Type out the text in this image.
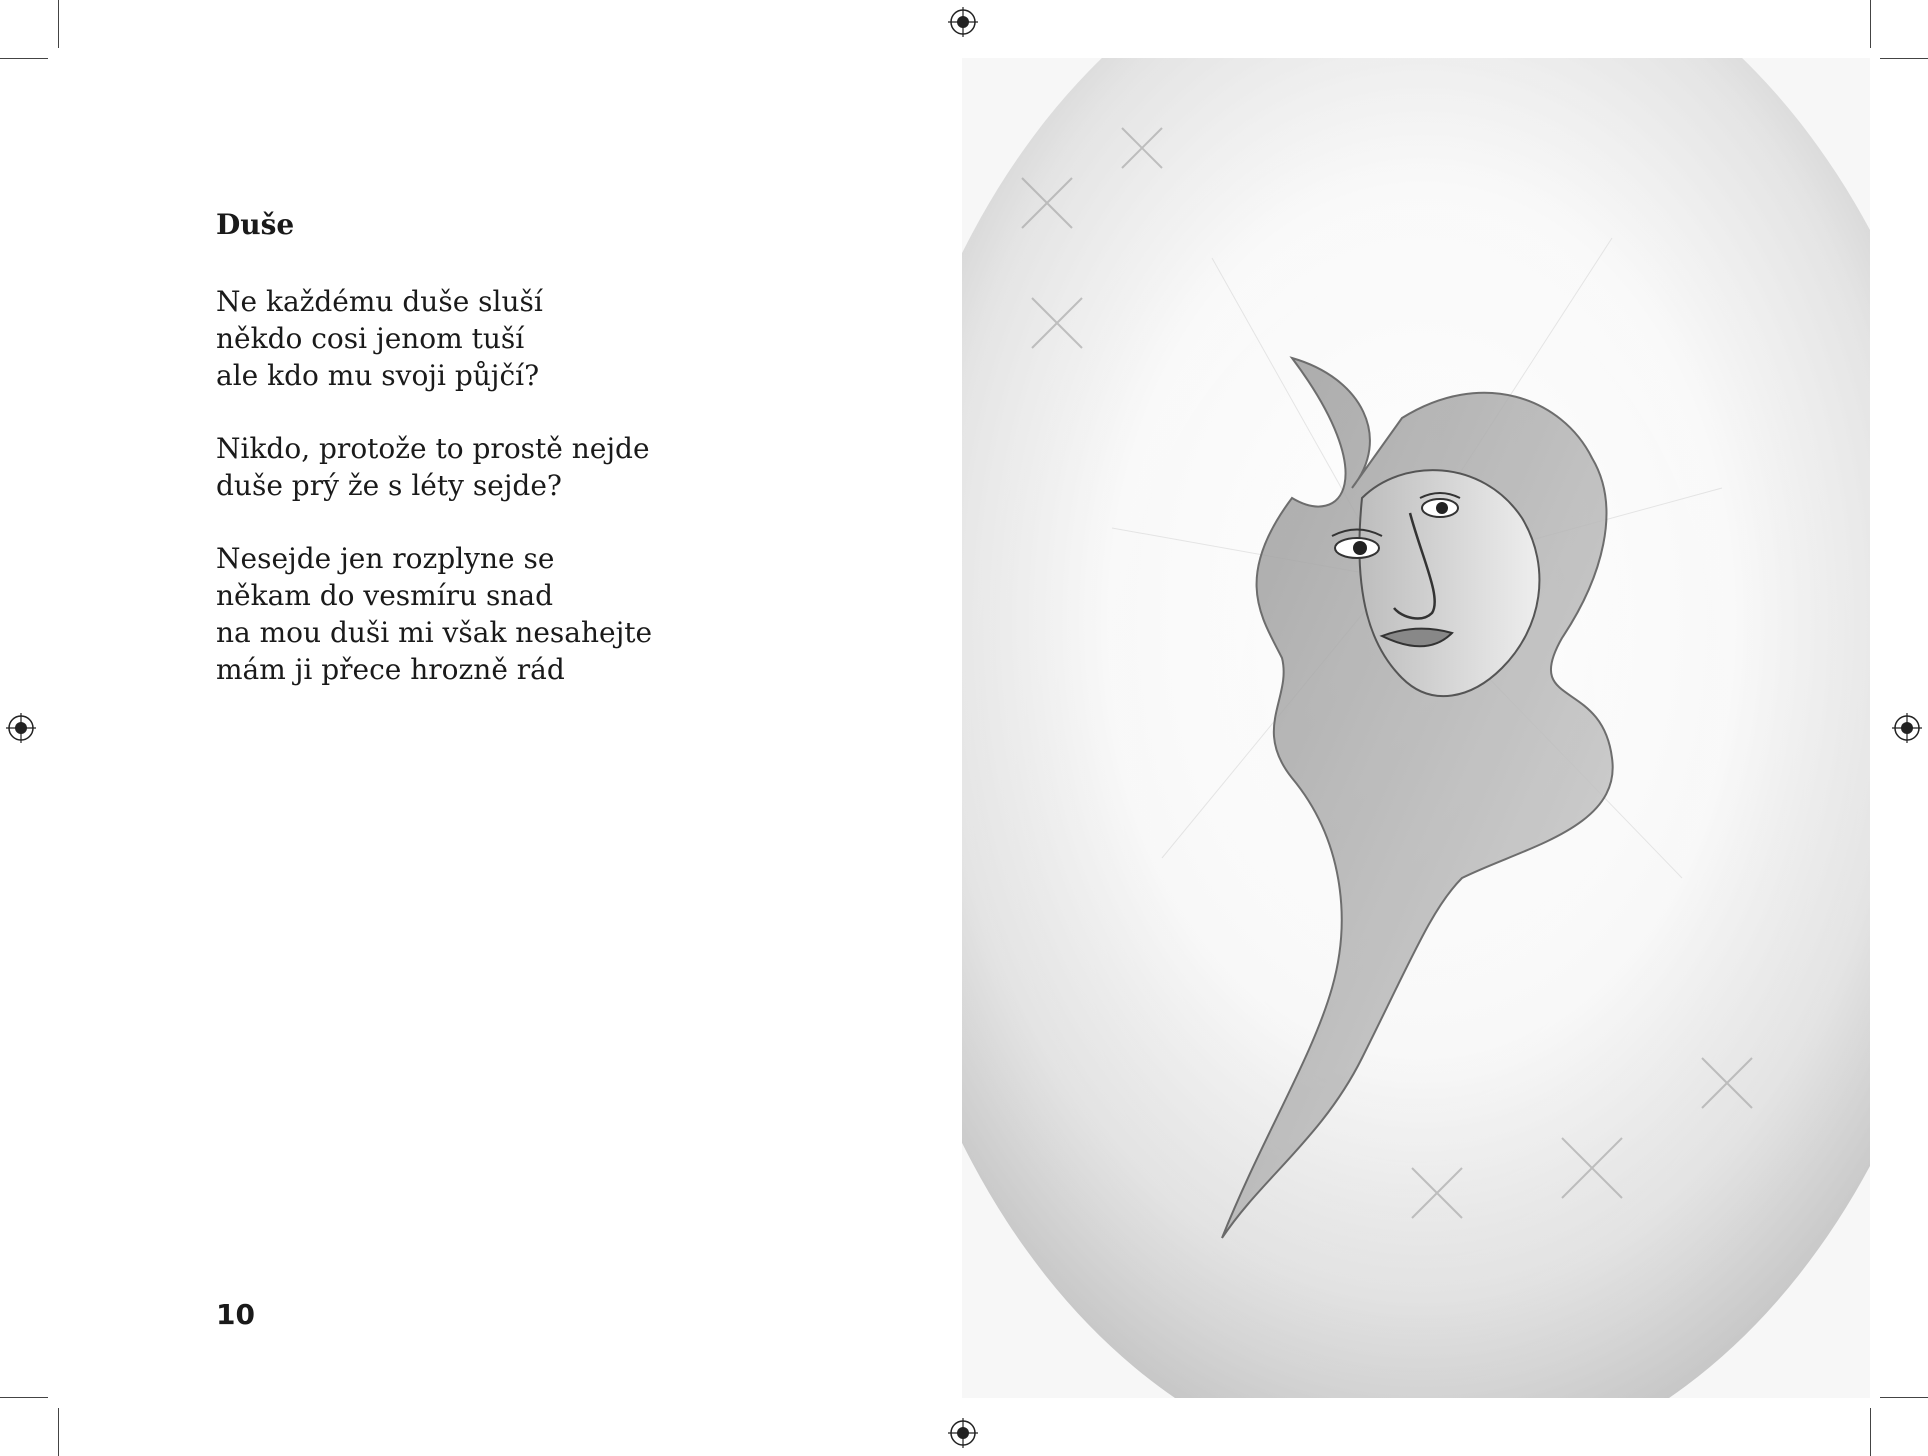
Duše
Ne každému duše sluší
někdo cosi jenom tuší
ale kdo mu svoji půjčí?
Nikdo, protože to prostě nejde
duše prý že s léty sejde?
Nesejde jen rozplyne se
někam do vesmíru snad
na mou duši mi však nesahejte
mám ji přece hrozně rád
10
